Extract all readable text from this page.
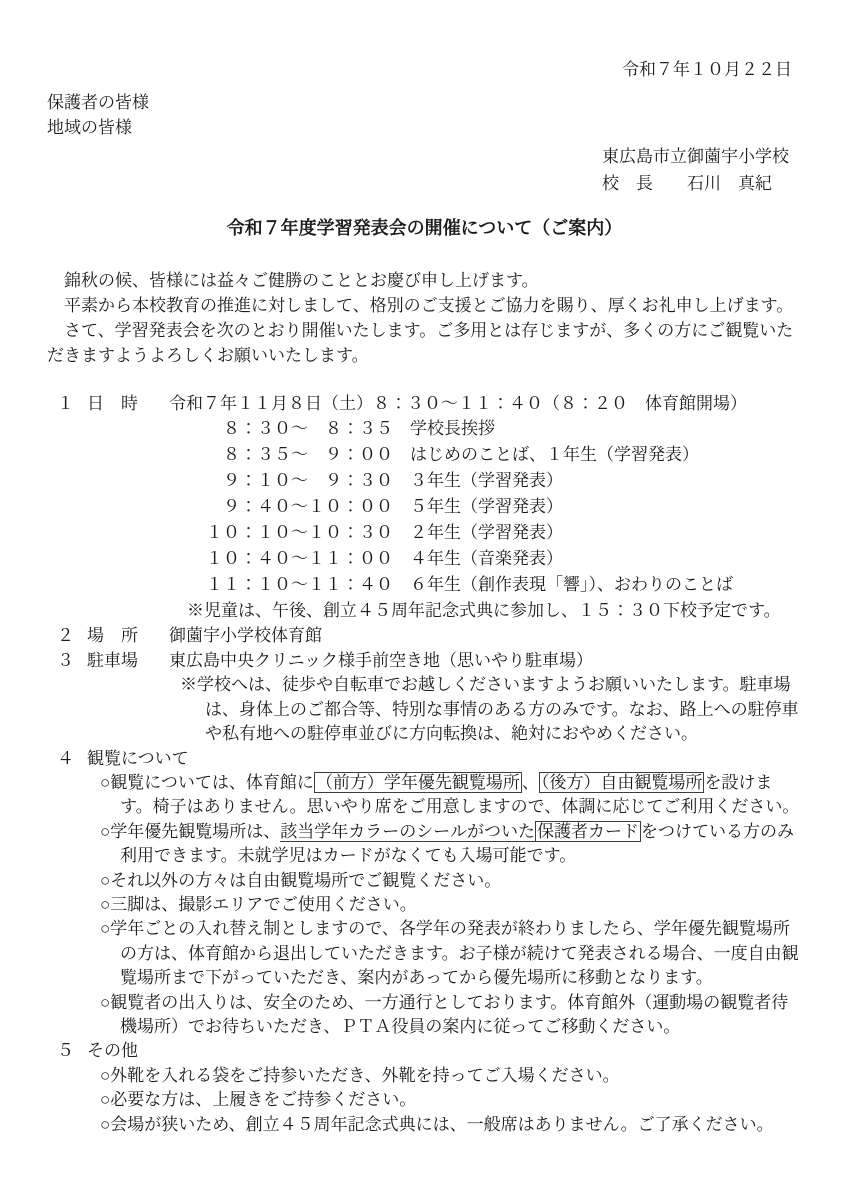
令和７年１０月２２日
保護者の皆様
地域の皆様
東広島市立御薗宇小学校
校　長　　石川　真紀
令和７年度学習発表会の開催について（ご案内）

　錦秋の候、皆様には益々ご健勝のこととお慶び申し上げます。

　平素から本校教育の推進に対しまして、格別のご支援とご協力を賜り、厚くお礼申し上げます。

　さて、学習発表会を次のとおり開催いたします。ご多用とは存じますが、多くの方にご観覧いただきますようよろしくお願いいたします。

１ 日　時 令和７年１１月８日（土）８：３０～１１：４０（８：２０　体育館開場）
　８：３０～　８：３５　学校長挨拶
　８：３５～　９：００　はじめのことば、１年生（学習発表）
　９：１０～　９：３０　３年生（学習発表）
　９：４０～１０：００　５年生（学習発表）
１０：１０～１０：３０　２年生（学習発表）
１０：４０～１１：００　４年生（音楽発表）
１１：１０～１１：４０　６年生（創作表現「響」）、おわりのことば
※児童は、午後、創立４５周年記念式典に参加し、１５：３０下校予定です。
２ 場　所 御薗宇小学校体育館
３ 駐車場 東広島中央クリニック様手前空き地（思いやり駐車場）
※学校へは、徒歩や自転車でお越しくださいますようお願いいたします。駐車場は、身体上のご都合等、特別な事情のある方のみです。なお、路上への駐停車や私有地への駐停車並びに方向転換は、絶対におやめください。
４ 観覧について
○観覧については、体育館に （前方）学年優先観覧場所 、 （後方）自由観覧場所 を設けます。椅子はありません。思いやり席をご用意しますので、体調に応じてご利用ください。
○学年優先観覧場所は、該当学年カラーのシールがついた 保護者カード をつけている方のみ利用できます。未就学児はカードがなくても入場可能です。
○それ以外の方々は自由観覧場所でご観覧ください。
○三脚は、撮影エリアでご使用ください。
○学年ごとの入れ替え制としますので、各学年の発表が終わりましたら、学年優先観覧場所の方は、体育館から退出していただきます。お子様が続けて発表される場合、一度自由観覧場所まで下がっていただき、案内があってから優先場所に移動となります。
○観覧者の出入りは、安全のため、一方通行としております。体育館外（運動場の観覧者待機場所）でお待ちいただき、ＰＴＡ役員の案内に従ってご移動ください。
５ その他
○外靴を入れる袋をご持参いただき、外靴を持ってご入場ください。
○必要な方は、上履きをご持参ください。
○会場が狭いため、創立４５周年記念式典には、一般席はありません。ご了承ください。
